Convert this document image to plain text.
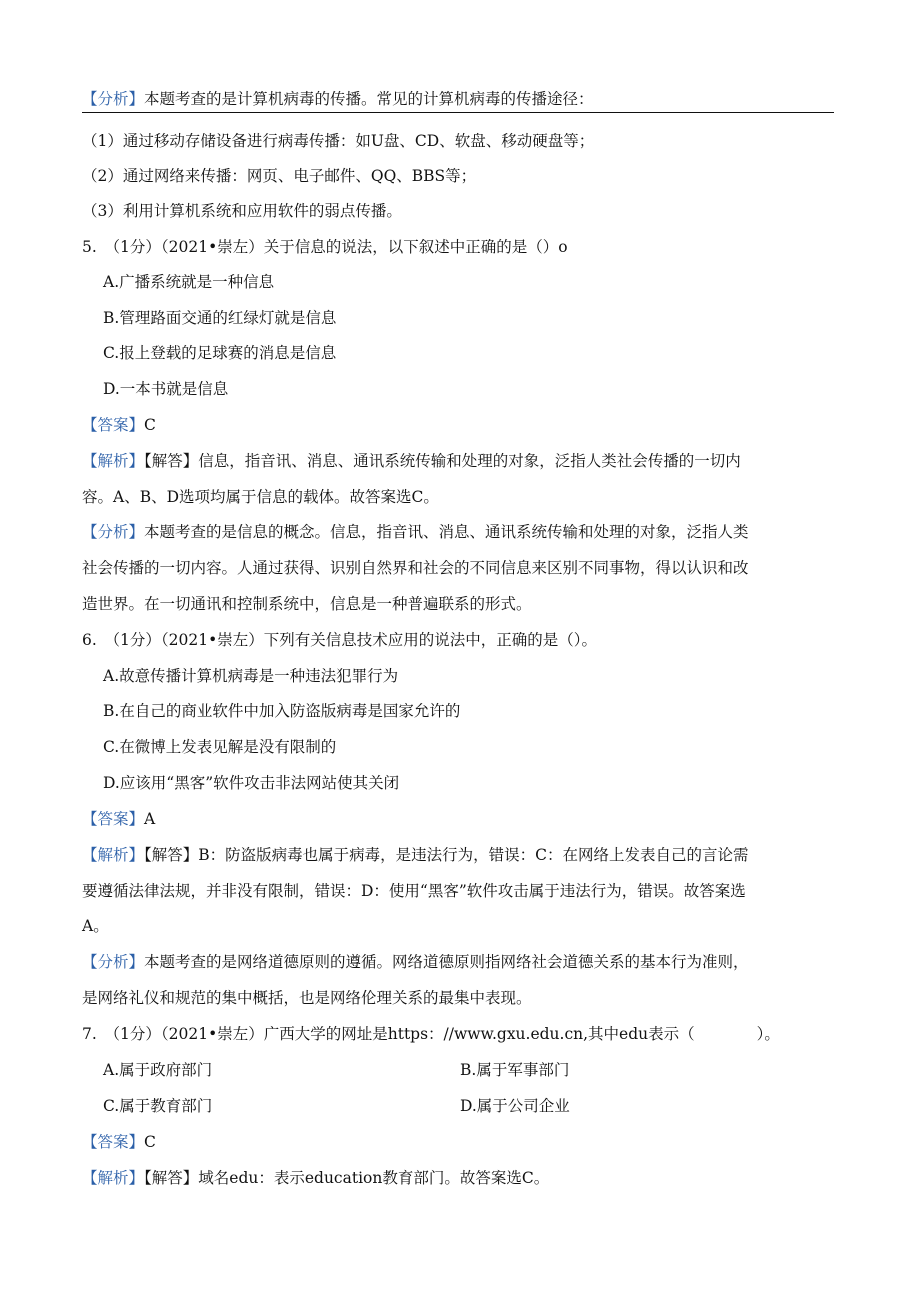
【分析】本题考查的是计算机病毒的传播。常见的计算机病毒的传播途径：
（1）通过移动存储设备进行病毒传播：如U盘、CD、软盘、移动硬盘等；
（2）通过网络来传播：网页、电子邮件、QQ、BBS等；
（3）利用计算机系统和应用软件的弱点传播。
5.　（1分）（2021•崇左）关于信息的说法，以下叙述中正确的是（）o
A.广播系统就是一种信息
B.管理路面交通的红绿灯就是信息
C.报上登载的足球赛的消息是信息
D.一本书就是信息
【答案】C
【解析】【解答】信息，指音讯、消息、通讯系统传输和处理的对象，泛指人类社会传播的一切内
容。A、B、D选项均属于信息的载体。故答案选C。
【分析】本题考查的是信息的概念。信息，指音讯、消息、通讯系统传输和处理的对象，泛指人类
社会传播的一切内容。人通过获得、识别自然界和社会的不同信息来区别不同事物，得以认识和改
造世界。在一切通讯和控制系统中，信息是一种普遍联系的形式。
6.　（1分）（2021•崇左）下列有关信息技术应用的说法中，正确的是（）。
A.故意传播计算机病毒是一种违法犯罪行为
B.在自己的商业软件中加入防盗版病毒是国家允许的
C.在微博上发表见解是没有限制的
D.应该用“黑客”软件攻击非法网站使其关闭
【答案】A
【解析】【解答】B：防盗版病毒也属于病毒，是违法行为，错误：C：在网络上发表自己的言论需
要遵循法律法规，并非没有限制，错误：D：使用“黑客”软件攻击属于违法行为，错误。故答案选
A。
【分析】本题考查的是网络道德原则的遵循。网络道德原则指网络社会道德关系的基本行为准则，
是网络礼仪和规范的集中概括，也是网络伦理关系的最集中表现。
7.　（1分）（2021•崇左）广西大学的网址是https：//www.gxu.edu.cn,其中edu表示（　　　　）。
A.属于政府部门	B.属于军事部门
C.属于教育部门	D.属于公司企业
【答案】C
【解析】【解答】域名edu：表示education教育部门。故答案选C。
